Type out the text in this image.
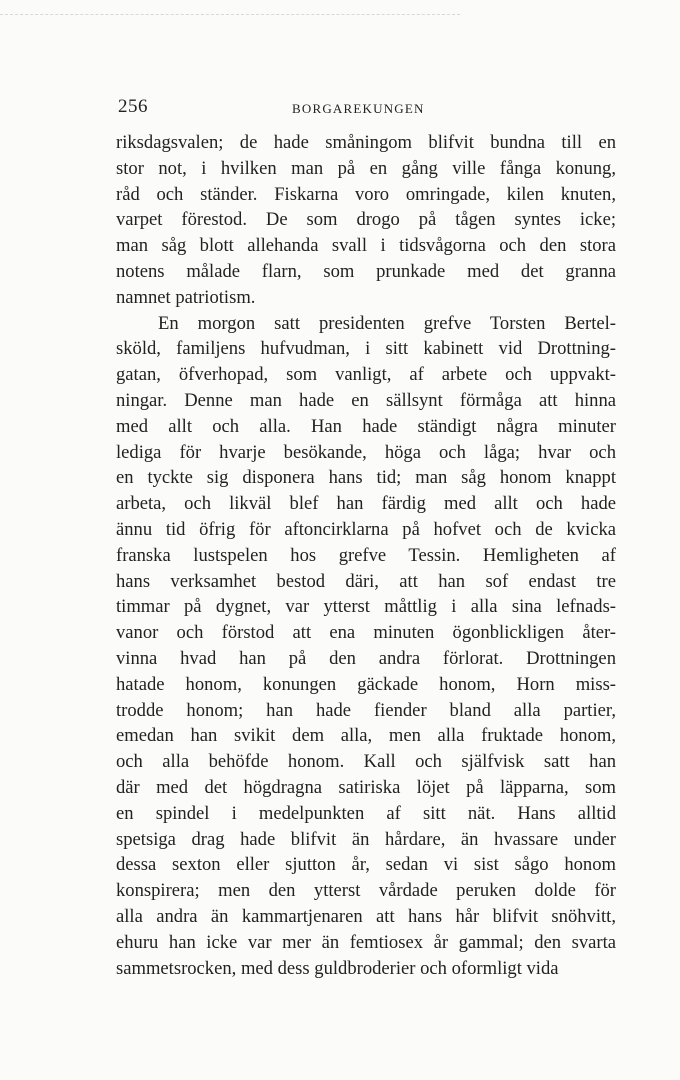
256	BORGAREKUNGEN
riksdagsvalen; de hade småningom blifvit bundna till en
stor not, i hvilken man på en gång ville fånga konung,
råd och ständer. Fiskarna voro omringade, kilen knuten,
varpet förestod. De som drogo på tågen syntes icke;
man såg blott allehanda svall i tidsvågorna och den stora
notens målade flarn, som prunkade med det granna
namnet patriotism.
En morgon satt presidenten grefve Torsten Bertel-
sköld, familjens hufvudman, i sitt kabinett vid Drottning-
gatan, öfverhopad, som vanligt, af arbete och uppvakt-
ningar. Denne man hade en sällsynt förmåga att hinna
med allt och alla. Han hade ständigt några minuter
lediga för hvarje besökande, höga och låga; hvar och
en tyckte sig disponera hans tid; man såg honom knappt
arbeta, och likväl blef han färdig med allt och hade
ännu tid öfrig för aftoncirklarna på hofvet och de kvicka
franska lustspelen hos grefve Tessin. Hemligheten af
hans verksamhet bestod däri, att han sof endast tre
timmar på dygnet, var ytterst måttlig i alla sina lefnads-
vanor och förstod att ena minuten ögonblickligen åter-
vinna hvad han på den andra förlorat. Drottningen
hatade honom, konungen gäckade honom, Horn miss-
trodde honom; han hade fiender bland alla partier,
emedan han svikit dem alla, men alla fruktade honom,
och alla behöfde honom. Kall och själfvisk satt han
där med det högdragna satiriska löjet på läpparna, som
en spindel i medelpunkten af sitt nät. Hans alltid
spetsiga drag hade blifvit än hårdare, än hvassare under
dessa sexton eller sjutton år, sedan vi sist sågo honom
konspirera; men den ytterst vårdade peruken dolde för
alla andra än kammartjenaren att hans hår blifvit snöhvitt,
ehuru han icke var mer än femtiosex år gammal; den svarta
sammetsrocken, med dess guldbroderier och oformligt vida
